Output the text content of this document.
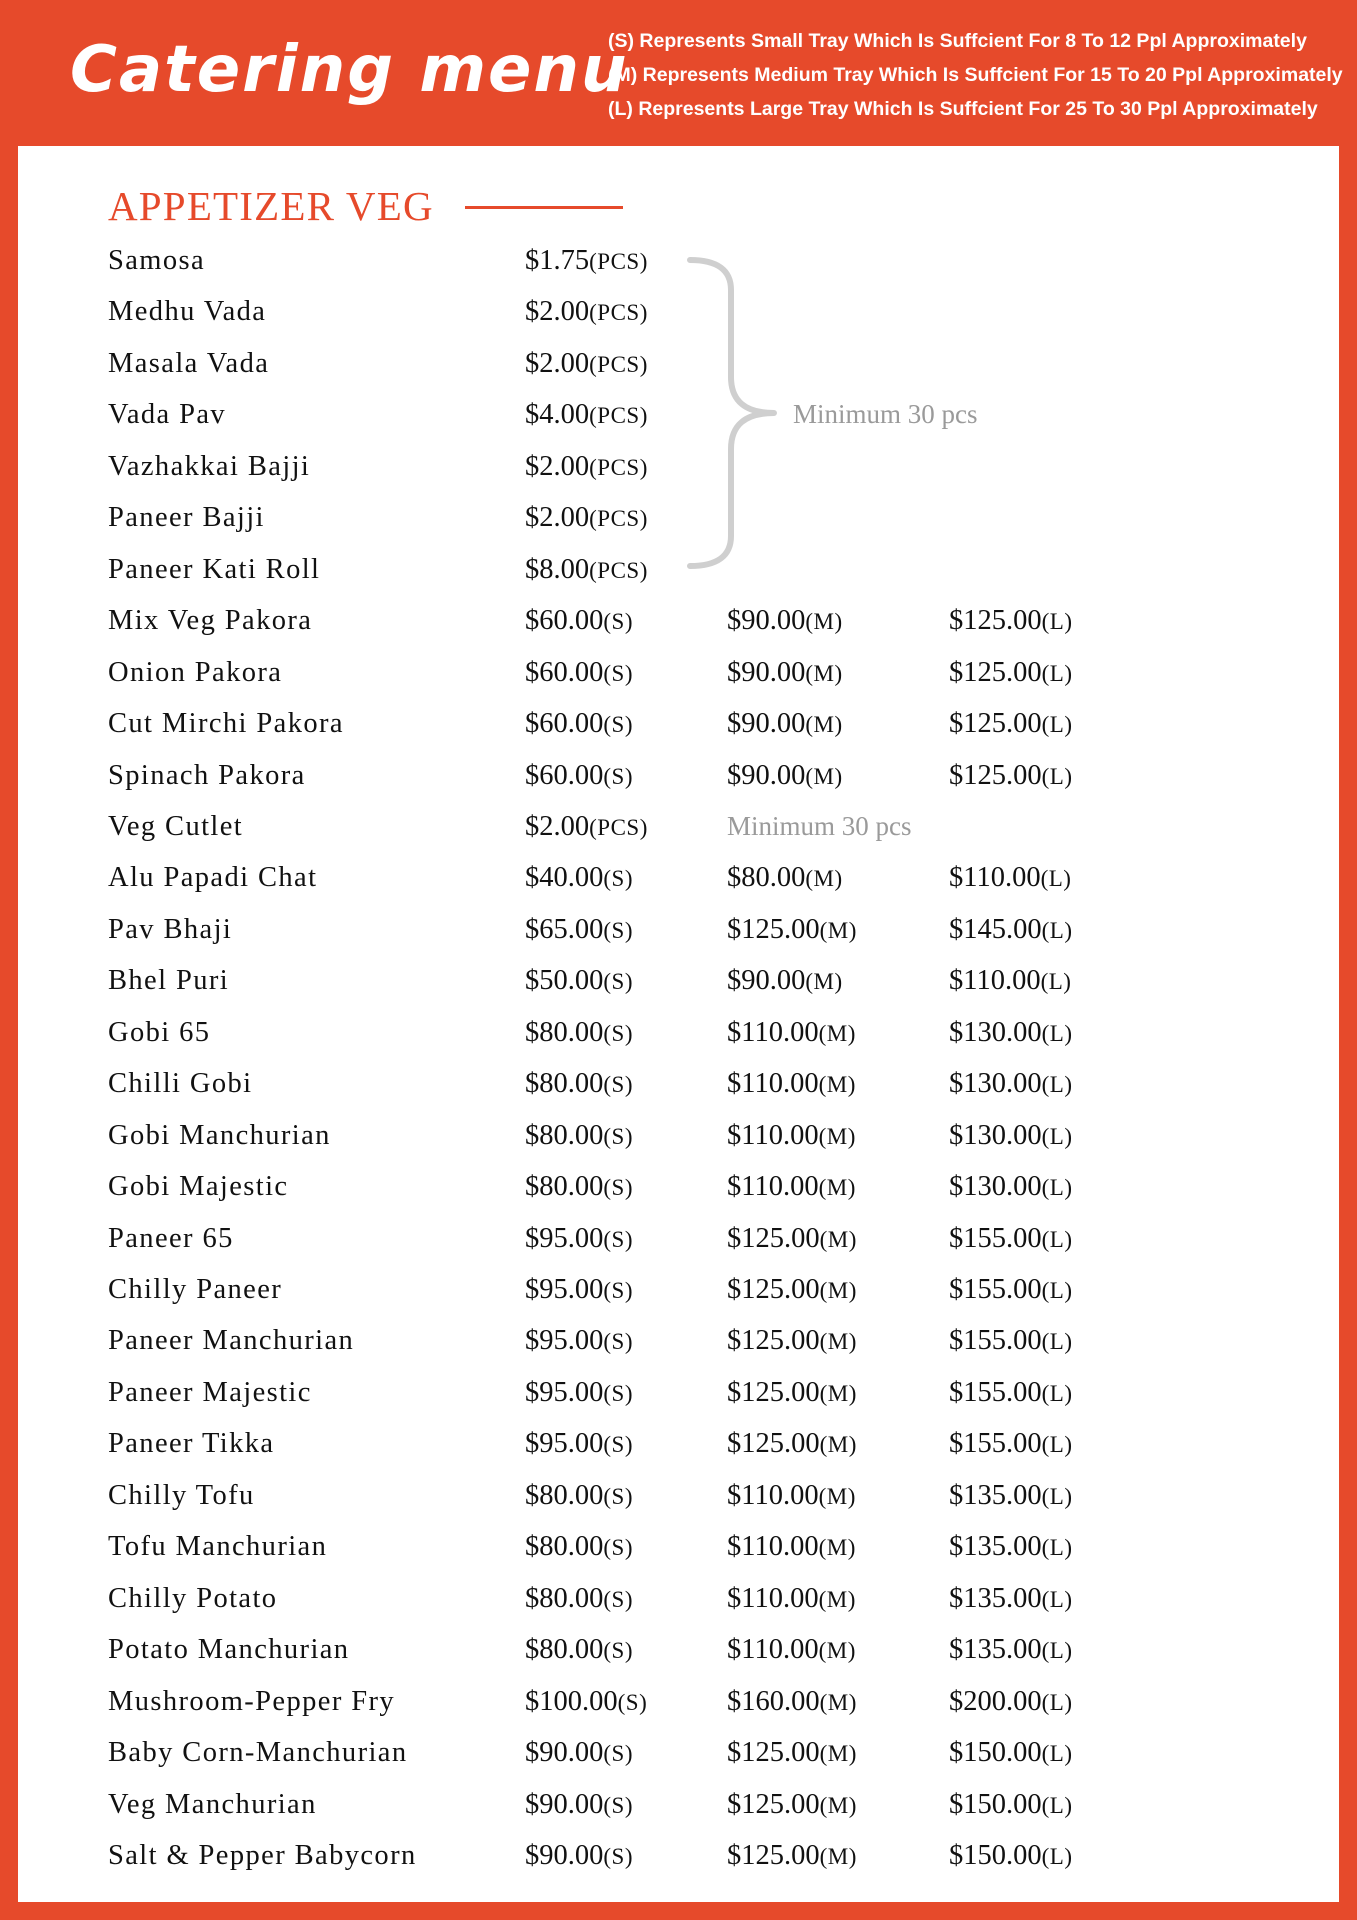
Catering menu
(S) Represents Small Tray Which Is Suffcient For 8 To 12 Ppl Approximately
(M) Represents Medium Tray Which Is Suffcient For 15 To 20 Ppl Approximately
(L) Represents Large Tray Which Is Suffcient For 25 To 30 Ppl Approximately
APPETIZER VEG
Minimum 30 pcs
Samosa	$1.75(PCS)
Medhu Vada	$2.00(PCS)
Masala Vada	$2.00(PCS)
Vada Pav	$4.00(PCS)
Vazhakkai Bajji	$2.00(PCS)
Paneer Bajji	$2.00(PCS)
Paneer Kati Roll	$8.00(PCS)
Mix Veg Pakora	$60.00(S)	$90.00(M)	$125.00(L)
Onion Pakora	$60.00(S)	$90.00(M)	$125.00(L)
Cut Mirchi Pakora	$60.00(S)	$90.00(M)	$125.00(L)
Spinach Pakora	$60.00(S)	$90.00(M)	$125.00(L)
Veg Cutlet	$2.00(PCS)	Minimum 30 pcs
Alu Papadi Chat	$40.00(S)	$80.00(M)	$110.00(L)
Pav Bhaji	$65.00(S)	$125.00(M)	$145.00(L)
Bhel Puri	$50.00(S)	$90.00(M)	$110.00(L)
Gobi 65	$80.00(S)	$110.00(M)	$130.00(L)
Chilli Gobi	$80.00(S)	$110.00(M)	$130.00(L)
Gobi Manchurian	$80.00(S)	$110.00(M)	$130.00(L)
Gobi Majestic	$80.00(S)	$110.00(M)	$130.00(L)
Paneer 65	$95.00(S)	$125.00(M)	$155.00(L)
Chilly Paneer	$95.00(S)	$125.00(M)	$155.00(L)
Paneer Manchurian	$95.00(S)	$125.00(M)	$155.00(L)
Paneer Majestic	$95.00(S)	$125.00(M)	$155.00(L)
Paneer Tikka	$95.00(S)	$125.00(M)	$155.00(L)
Chilly Tofu	$80.00(S)	$110.00(M)	$135.00(L)
Tofu Manchurian	$80.00(S)	$110.00(M)	$135.00(L)
Chilly Potato	$80.00(S)	$110.00(M)	$135.00(L)
Potato Manchurian	$80.00(S)	$110.00(M)	$135.00(L)
Mushroom-Pepper Fry	$100.00(S)	$160.00(M)	$200.00(L)
Baby Corn-Manchurian	$90.00(S)	$125.00(M)	$150.00(L)
Veg Manchurian	$90.00(S)	$125.00(M)	$150.00(L)
Salt & Pepper Babycorn	$90.00(S)	$125.00(M)	$150.00(L)
